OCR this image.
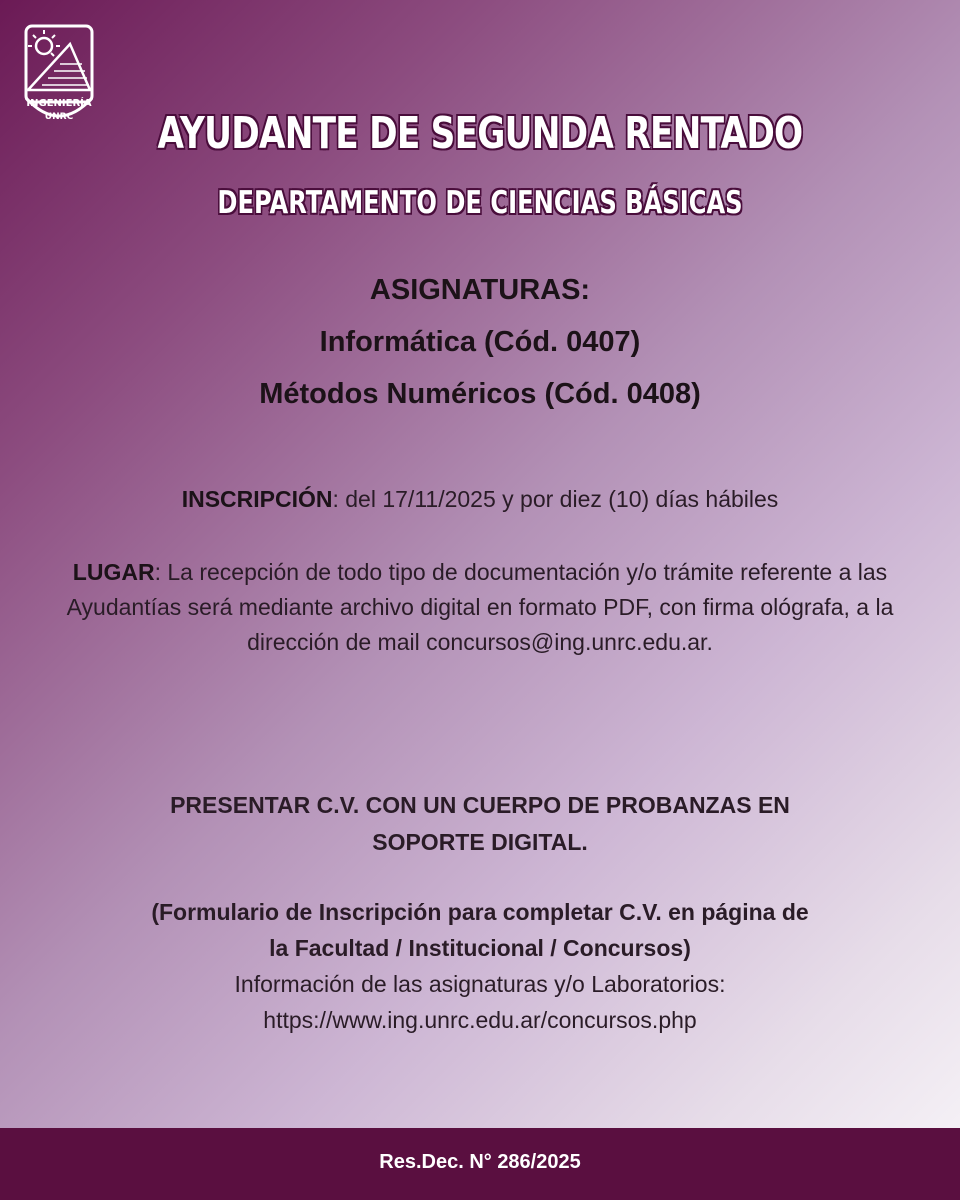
INGENIERÍA
UNRC	AYUDANTE DE SEGUNDA RENTADO
DEPARTAMENTO DE CIENCIAS BÁSICAS
ASIGNATURAS:
Informática (Cód. 0407)
Métodos Numéricos (Cód. 0408)
INSCRIPCIÓN: del 17/11/2025 y por diez (10) días hábiles
LUGAR: La recepción de todo tipo de documentación y/o trámite referente a las Ayudantías será mediante archivo digital en formato PDF, con firma ológrafa, a la dirección de mail concursos@ing.unrc.edu.ar.
PRESENTAR C.V. CON UN CUERPO DE PROBANZAS EN
SOPORTE DIGITAL.
(Formulario de Inscripción para completar C.V. en página de
la Facultad / Institucional / Concursos)
Información de las asignaturas y/o Laboratorios:
https://www.ing.unrc.edu.ar/concursos.php
Res.Dec. N° 286/2025
